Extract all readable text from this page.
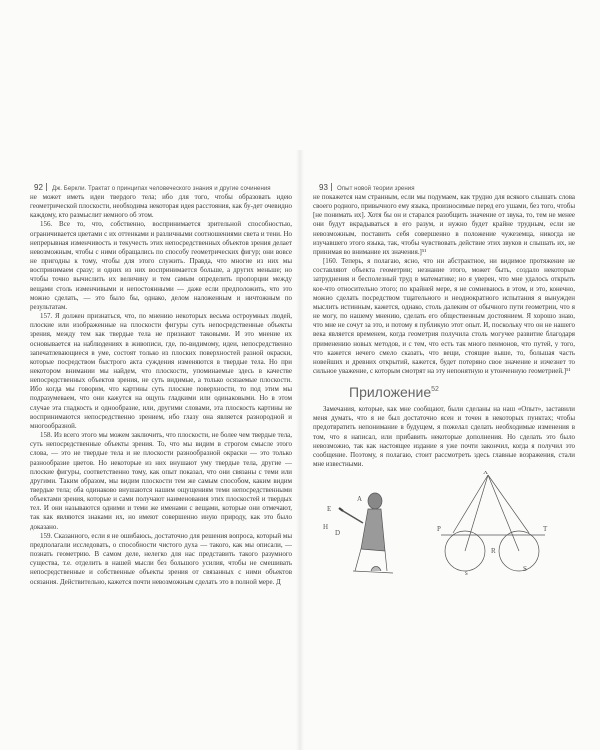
92 Дж. Беркли. Трактат о принципах человеческого знания и другие сочинения	93 Опыт новой теории зрения

не может иметь идеи твердого тела; ибо для того, чтобы образовать идею геометрической плоскости, необходима некоторая идея расстояния, как бу-дет очевидно каждому, кто размыслит немного об этом.

156. Все то, что, собственно, воспринимается зрительной способностью, ограничивается цветами с их оттенками и различными соотношениями света и тени. Но непрерывная изменчивость и текучесть этих непосредственных объектов зрения делает невозможным, чтобы с ними обращались по способу геометрических фигур; они вовсе не пригодны к тому, чтобы для этого служить. Правда, что многие из них мы воспринимаем сразу; и одних из них воспринимается больше, а других меньше; но чтобы точно вычислить их величину и тем самым определить пропорции между вещами столь изменчивыми и непостоянными — даже если предположить, что это можно сделать, — это было бы, однако, делом наложенным и ничтожным по результатам.

157. Я должен признаться, что, по мнению некоторых весьма остроумных людей, плоские или изображенные на плоскости фигуры суть непосредственные объекты зрения, между тем как твердые тела не признают таковыми. И это мнение их основывается на наблюдениях в живописи, где, по-видимому, идеи, непосредственно запечатлевающиеся в уме, состоят только из плоских поверхностей разной окраски, которые посредством быстрого акта суждения изменяются в твердые тела. Но при некотором внимании мы найдем, что плоскости, упоминаемые здесь в качестве непосредственных объектов зрения, не суть видимые, а только осязаемые плоскости. Ибо когда мы говорим, что картины суть плоские поверхности, то под этим мы подразумеваем, что они кажутся на ощупь гладкими или одинаковыми. Но в этом случае эта гладкость и однообразие, или, другими словами, эта плоскость картины не воспринимаются непосредственно зрением, ибо глазу она является разнородной и многообразной.

158. Из всего этого мы можем заключить, что плоскости, не более чем твердые тела, суть непосредственные объекты зрения. То, что мы видим в строгом смысле этого слова, — это не твердые тела и не плоскости разнообразной окраски — это только разнообразие цветов. Но некоторые из них внушают уму твердые тела, другие — плоские фигуры, соответственно тому, как опыт показал, что они связаны с теми или другими. Таким образом, мы видим плоскости тем же самым способом, каким видим твердые тела; оба одинаково внушаются нашим ощущениям теми непосредственными объектами зрения, которые и сами получают наименования этих плоскостей и твердых тел. И они называются одними и теми же именами с вещами, которые они отмечают, так как являются знаками их, но имеют совершенно иную природу, как это было доказано.

159. Сказанного, если я не ошибаюсь, достаточно для решения вопроса, который мы предполагали исследовать, о способности чистого духа — такого, как мы описали, — познать геометрию. В самом деле, нелегко для нас представить такого разумного существа, т.е. отделить в нашей мысли без большого усилия, чтобы не смешивать непосредственные и собственные объекты зрения от связанных с ними объектов осязания. Действительно, кажется почти невозможным сделать это в полной мере. Д

не покажется нам странным, если мы подумаем, как трудно для всякого слышать слова своего родного, привычного ему языка, произносимые перед его ушами, без того, чтобы [не понимать их]. Хотя бы он и старался разобщить значение от звука, то, тем не менее они будут вкрадываться в его разум, и нужно будет крайне трудным, если не невозможным, поставить себя совершенно в положение чужеземца, никогда не изучавшего этого языка, так, чтобы чувствовать действие этих звуков и слышать их, не принимая во внимание их значения.]⁵¹

[160. Теперь, я полагаю, ясно, что ни абстрактное, ни видимое протяжение не составляют объекта геометрии; незнание этого, может быть, создало некоторые затруднения и бесполезный труд в математике; но я уверен, что мне удалось открыть кое-что относительно этого; по крайней мере, я не сомневаюсь в этом, и это, конечно, можно сделать посредством тщательного и неоднократного испытания я вынужден мыслить истинным, кажется, однако, столь далеким от обычного пути геометрии, что я не могу, по нашему мнению, сделать его общественным достоянием. Я хорошо знаю, что мне не сочут за это, и потому я публикую этот опыт. И, поскольку что он не нашего века является временем, когда геометрия получила столь могучее развитие благодаря применению новых методов, и с тем, что есть так много пенмонов, что путей, у того, что кажется нечего смело сказать, что вещи, стоящие выше, то, большая часть новейших и древних открытий, кажется, будет потеряно свое значение и изчезнет то сильное уважение, с которым смотрят на эту непонятную и утонченную геометрией.]⁵¹

Приложение$^{52}$

Замечания, которые, как мне сообщают, были сделаны на наш «Опыт», заставили меня думать, что я не был достаточно ясен и точен в некоторых пунктах; чтобы предотвратить непонимание в будущем, я пожелал сделать необходимые изменения в том, что я написал, или прибавить некоторые дополнения. Но сделать это было невозможно, так как настоящее издание я уже почти закончил, когда я получил это сообщение. Поэтому, я полагаю, стоит рассмотреть здесь главные возражения, стали мне известными.

E
A
H
D
X
P
R
S
T
s
